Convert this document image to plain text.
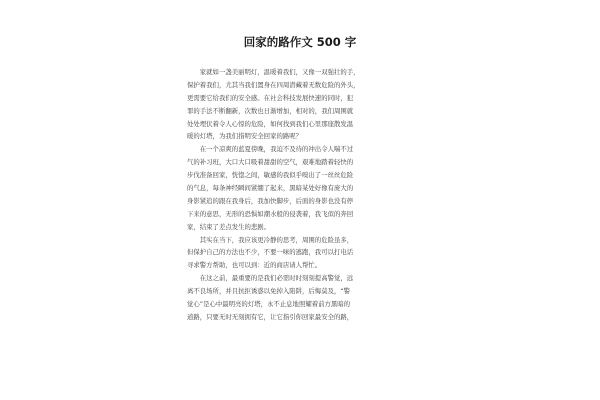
回家的路作文 500 字
　　家就如一盏美丽明灯，温暖着我们，又像一双强壮的手，
保护着我们，尤其当我们置身在四周潜藏着无数危险的外头，
更需要它给我们的安全感。在社会科技发展快速的同时，犯
罪的手法不断翻新，次数也日渐增加，相对的，我们周围就
处处埋伏着令人心惊的危险，如何找到我们心里那座散发温
暖的灯塔，为我们指明安全回家的路呢？
　　在一个凉爽的蓝夏傍晚，我迫不及待的冲出令人喘不过
气的补习班，大口大口吸着甜甜的空气，艰难地踏着轻快的
步伐准备回家，恍惚之间，敏感的我似乎嗅出了一丝丝危险
的气息，每条神经瞬间紧绷了起来，黑暗某处好像有庞大的
身影紧追的跟在我身后，我加快脚步，后面的身影也没有停
下来的意思，无形的恐惧如潮水般的侵袭着，我飞似的奔回
家，结束了差点发生的悲剧。
　　其实在当下，我应该更冷静的思考，周围的危险虽多，
但保护自己的方法也不少，不要一味的逃跑，我可以打电话
寻求警方帮助，也可以到：近的商店请人帮忙。
　　在这之前，最重要的是我们必需时时刻刻提高警觉，远
离不良场所，并且抗拒诱惑以免掉入陷阱，后悔莫及，“警
觉心”是心中最明亮的灯塔，永不止息地照耀着前方黑暗的
道路，只要无时无刻拥有它，让它指引你回家最安全的路，
